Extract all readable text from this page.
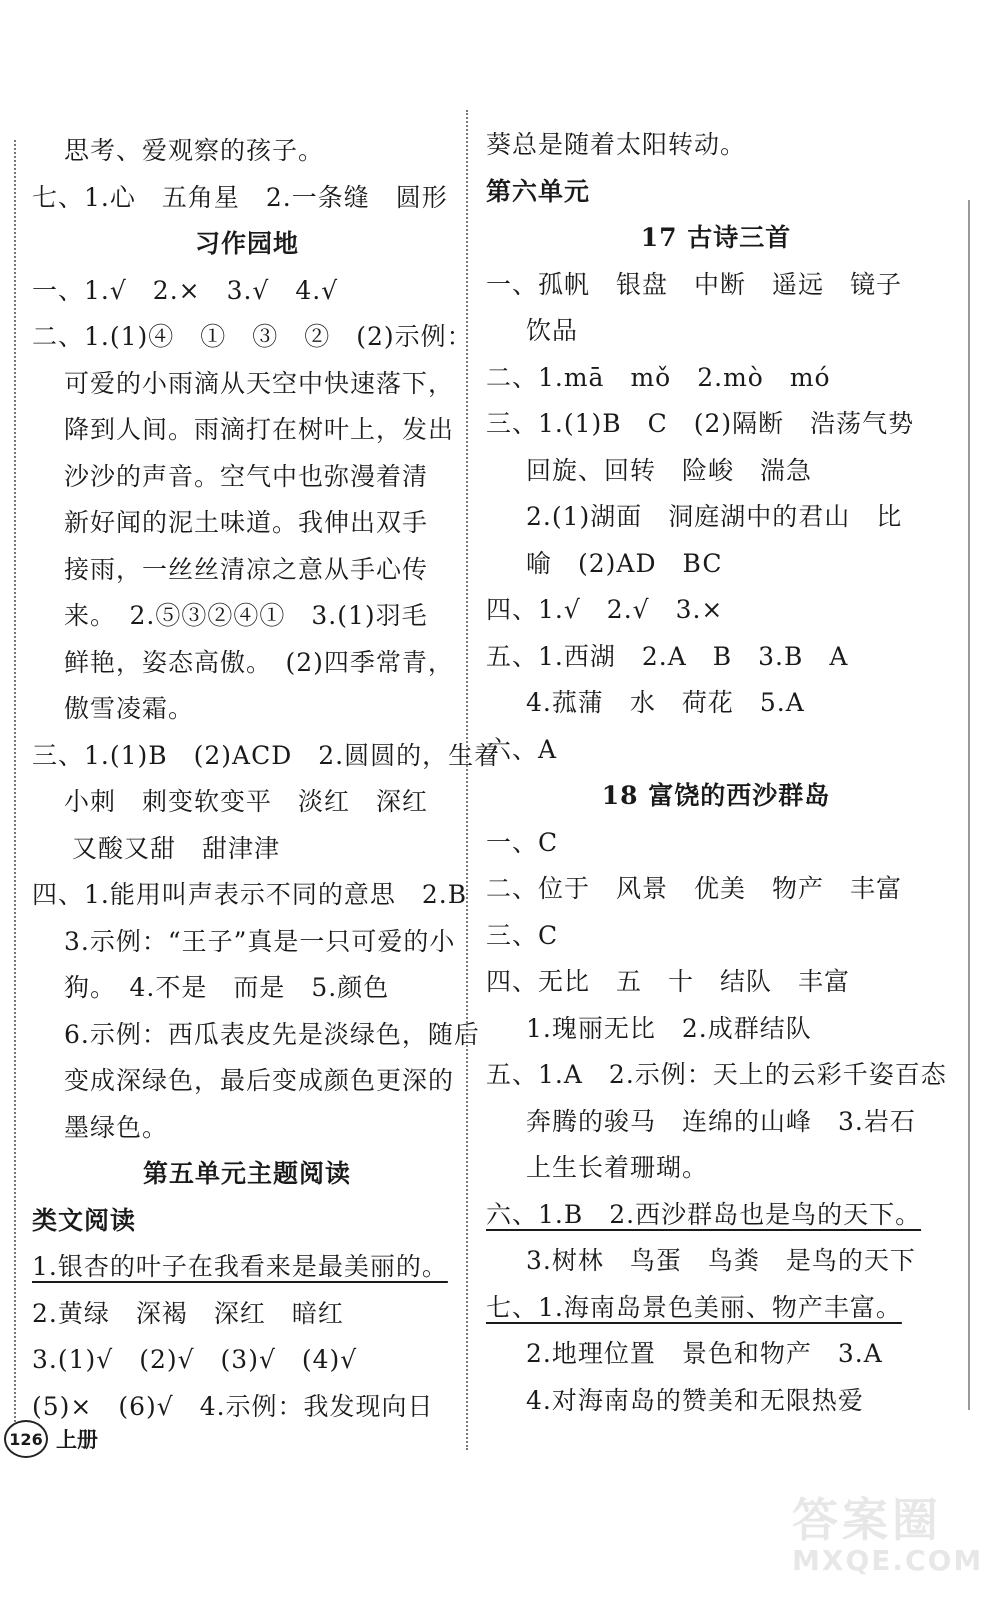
思考、爱观察的孩子。
七、1.心　五角星　2.一条缝　圆形
习作园地
一、1.√　2.×　3.√　4.√
二、1.(1)④　①　③　②　(2)示例：
可爱的小雨滴从天空中快速落下，
降到人间。雨滴打在树叶上，发出
沙沙的声音。空气中也弥漫着清
新好闻的泥土味道。我伸出双手
接雨，一丝丝清凉之意从手心传
来。　2.⑤③②④①　3.(1)羽毛
鲜艳，姿态高傲。　(2)四季常青，
傲雪凌霜。
三、1.(1)B　(2)ACD　2.圆圆的，生着
小刺　刺变软变平　淡红　深红
又酸又甜　甜津津
四、1.能用叫声表示不同的意思　2.B
3.示例：“王子”真是一只可爱的小
狗。　4.不是　而是　5.颜色
6.示例：西瓜表皮先是淡绿色，随后
变成深绿色，最后变成颜色更深的
墨绿色。
第五单元主题阅读
类文阅读
1.银杏的叶子在我看来是最美丽的。
2.黄绿　深褐　深红　暗红
3.(1)√　(2)√　(3)√　(4)√
(5)×　(6)√　4.示例：我发现向日
葵总是随着太阳转动。
第六单元
17 古诗三首
一、孤帆　银盘　中断　遥远　镜子
饮品
二、1.mā　mǒ　2.mò　mó
三、1.(1)B　C　(2)隔断　浩荡气势
回旋、回转　险峻　湍急
2.(1)湖面　洞庭湖中的君山　比
喻　(2)AD　BC
四、1.√　2.√　3.×
五、1.西湖　2.A　B　3.B　A
4.菰蒲　水　荷花　5.A
六、A
18 富饶的西沙群岛
一、C
二、位于　风景　优美　物产　丰富
三、C
四、无比　五　十　结队　丰富
1.瑰丽无比　2.成群结队
五、1.A　2.示例：天上的云彩千姿百态
奔腾的骏马　连绵的山峰　3.岩石
上生长着珊瑚。
六、1.B　2.西沙群岛也是鸟的天下。
3.树林　鸟蛋　鸟粪　是鸟的天下
七、1.海南岛景色美丽、物产丰富。
2.地理位置　景色和物产　3.A
4.对海南岛的赞美和无限热爱
126 上册
答案圈
MXQE.COM
